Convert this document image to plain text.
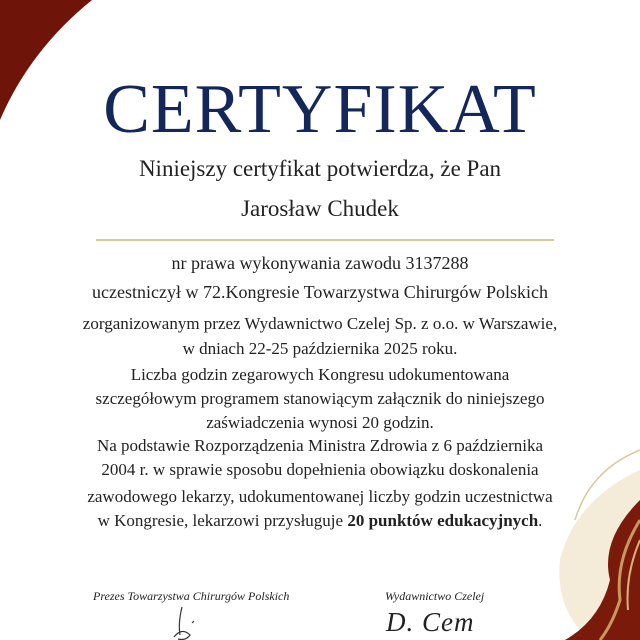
CERTYFIKAT
Niniejszy certyfikat potwierdza, że Pan
Jarosław Chudek
nr prawa wykonywania zawodu 3137288
uczestniczył w 72.Kongresie Towarzystwa Chirurgów Polskich
zorganizowanym przez Wydawnictwo Czelej Sp. z o.o. w Warszawie,
w dniach 22-25 października 2025 roku.
Liczba godzin zegarowych Kongresu udokumentowana
szczegółowym programem stanowiącym załącznik do niniejszego
zaświadczenia wynosi 20 godzin.
Na podstawie Rozporządzenia Ministra Zdrowia z 6 października
2004 r. w sprawie sposobu dopełnienia obowiązku doskonalenia
zawodowego lekarzy, udokumentowanej liczby godzin uczestnictwa
w Kongresie, lekarzowi przysługuje 20 punktów edukacyjnych.
Prezes Towarzystwa Chirurgów Polskich	Wydawnictwo Czelej
D. Cem
